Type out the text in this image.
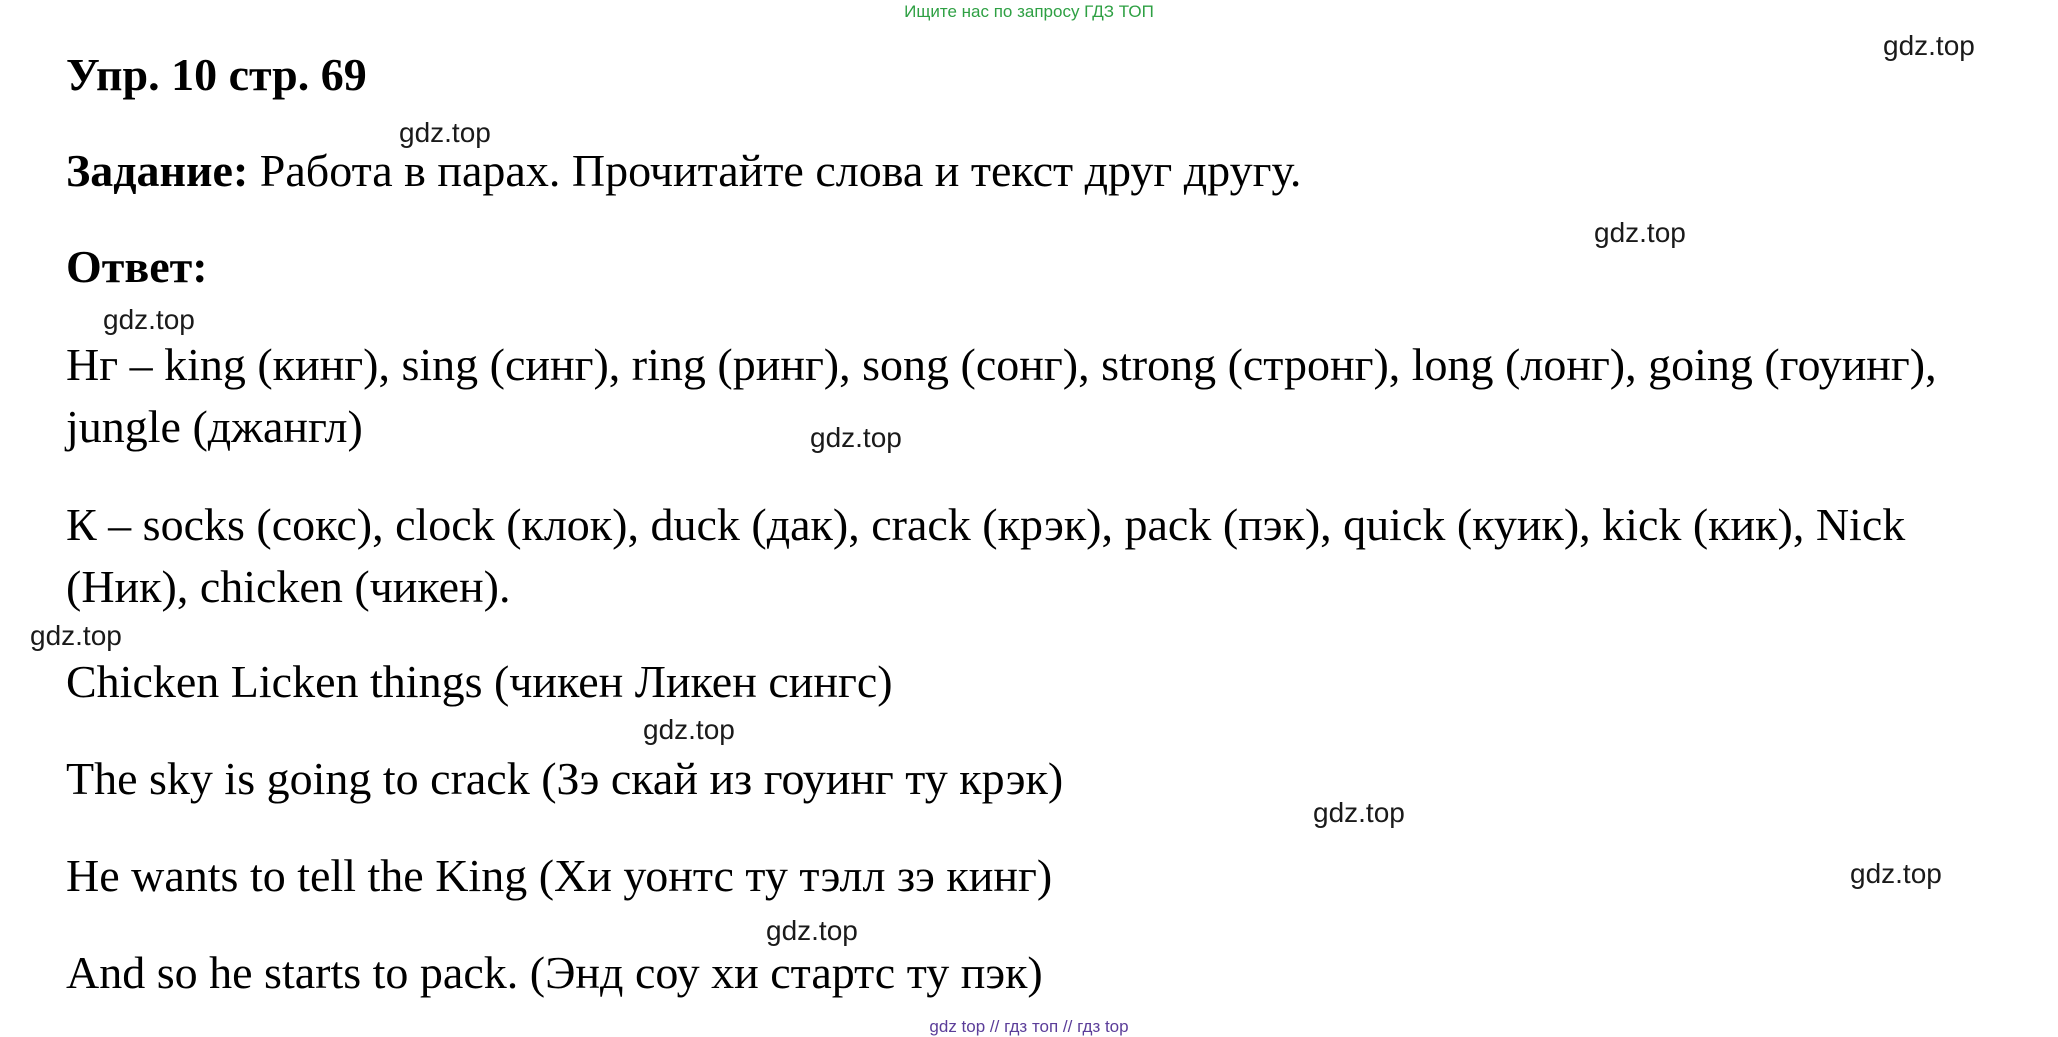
Ищите нас по запросу ГДЗ ТОП
Упр. 10 стр. 69
Задание: Работа в парах. Прочитайте слова и текст друг другу.
Ответ:
Нг – king (кинг), sing (синг), ring (ринг), song (сонг), strong (стронг), long (лонг), going (гоуинг), jungle (джангл)
К – socks (сокс), clock (клок), duck (дак), crack (крэк), pack (пэк), quick (куик), kick (кик), Nick (Ник), chicken (чикен).
Chicken Licken things (чикен Ликен сингс)
The sky is going to crack (Зэ скай из гоуинг ту крэк)
He wants to tell the King (Хи уонтс ту тэлл зэ кинг)
And so he starts to pack. (Энд соу хи стартс ту пэк)
gdz.top
gdz.top
gdz.top
gdz.top
gdz.top
gdz.top
gdz.top
gdz.top
gdz.top
gdz.top
gdz top // гдз топ // гдз top
